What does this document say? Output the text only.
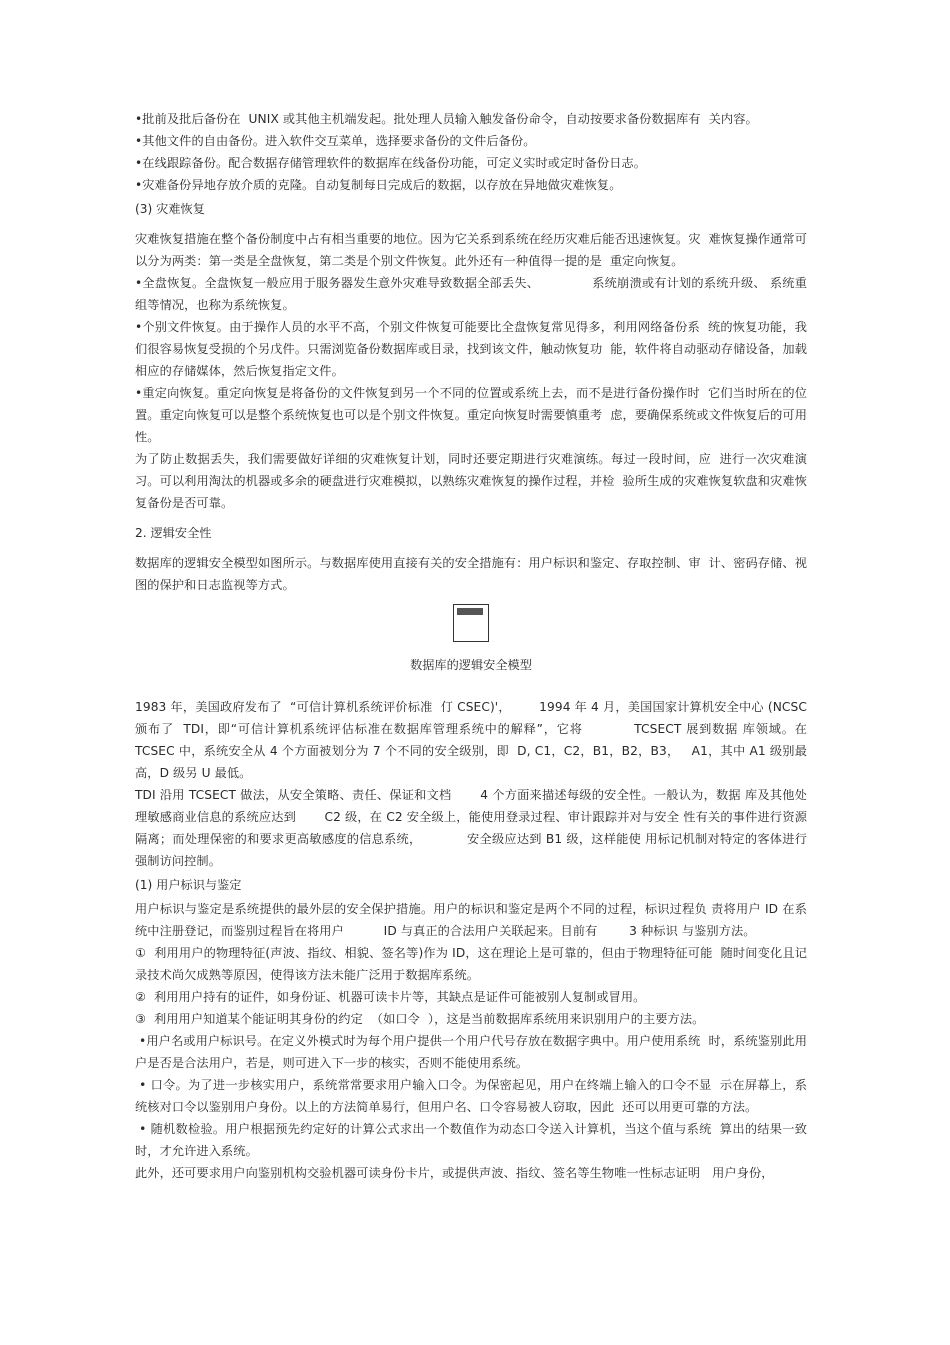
•批前及批后备份在  UNIX 或其他主机端发起。批处理人员输入触发备份命令，自动按要求备份数据库有  关内容。

•其他文件的自由备份。进入软件交互菜单，选择要求备份的文件后备份。

•在线跟踪备份。配合数据存储管理软件的数据库在线备份功能，可定义实时或定时备份日志。

•灾难备份异地存放介质的克隆。自动复制每日完成后的数据，以存放在异地做灾难恢复。

(3) 灾难恢复

灾难恢复措施在整个备份制度中占有相当重要的地位。因为它关系到系统在经历灾难后能否迅速恢复。灾  难恢复操作通常可以分为两类：第一类是全盘恢复，第二类是个别文件恢复。此外还有一种值得一提的是  重定向恢复。

•全盘恢复。全盘恢复一般应用于服务器发生意外灾难导致数据全部丢失、             系统崩溃或有计划的系统升级、 系统重组等情况，也称为系统恢复。

•个别文件恢复。由于操作人员的水平不高，个别文件恢复可能要比全盘恢复常见得多，利用网络备份系  统的恢复功能，我们很容易恢复受损的个另戊件。只需浏览备份数据库或目录，找到该文件，触动恢复功  能，软件将自动驱动存储设备，加载相应的存储媒体，然后恢复指定文件。

•重定向恢复。重定向恢复是将备份的文件恢复到另一个不同的位置或系统上去，而不是进行备份操作时  它们当时所在的位置。重定向恢复可以是整个系统恢复也可以是个别文件恢复。重定向恢复时需要慎重考  虑，要确保系统或文件恢复后的可用性。

为了防止数据丢失，我们需要做好详细的灾难恢复计划，同时还要定期进行灾难演练。每过一段时间，应  进行一次灾难演习。可以利用淘汰的机器或多余的硬盘进行灾难模拟，以熟练灾难恢复的操作过程，并检  验所生成的灾难恢复软盘和灾难恢复备份是否可靠。

2. 逻辑安全性

数据库的逻辑安全模型如图所示。与数据库使用直接有关的安全措施有：用户标识和鉴定、存取控制、审  计、密码存储、视图的保护和日志监视等方式。

数据库的逻辑安全模型

1983 年，美国政府发布了  “可信计算机系统评价标准  仃 CSEC)'，       1994 年 4 月，美国国家计算机安全中心 (NCSC 颁布了  TDI，即“可信计算机系统评估标准在数据库管理系统中的解释”，它将           TCSECT 展到数据 库领域。在 TCSEC 中，系统安全从 4 个方面被划分为 7 个不同的安全级别，即  D, C1，C2，B1，B2，B3，   A1，其中 A1 级别最高，D 级另 U 最低。

TDI 沿用 TCSECT 做法，从安全策略、责任、保证和文档       4 个方面来描述每级的安全性。一般认为，数据 库及其他处理敏感商业信息的系统应达到       C2 级，在 C2 安全级上，能使用登录过程、审计跟踪并对与安全 性有关的事件进行资源隔离；而处理保密的和要求更高敏感度的信息系统，           安全级应达到 B1 级，这样能使 用标记机制对特定的客体进行强制访问控制。

(1) 用户标识与鉴定

用户标识与鉴定是系统提供的最外层的安全保护措施。用户的标识和鉴定是两个不同的过程，标识过程负 责将用户 ID 在系统中注册登记，而鉴别过程旨在将用户          ID 与真正的合法用户关联起来。目前有        3 种标识 与鉴别方法。

①  利用用户的物理特征(声波、指纹、相貌、签名等)作为 ID，这在理论上是可靠的，但由于物理特征可能  随时间变化且记录技术尚欠成熟等原因，使得该方法未能广泛用于数据库系统。

②  利用用户持有的证件，如身份证、机器可读卡片等，其缺点是证件可能被别人复制或冒用。

③  利用用户知道某个能证明其身份的约定  （如口令  ），这是当前数据库系统用来识别用户的主要方法。

•用户名或用户标识号。在定义外模式时为每个用户提供一个用户代号存放在数据字典中。用户使用系统  时，系统鉴别此用户是否是合法用户，若是，则可进入下一步的核实，否则不能使用系统。

• 口令。为了进一步核实用户，系统常常要求用户输入口令。为保密起见，用户在终端上输入的口令不显  示在屏幕上，系统核对口令以鉴别用户身份。以上的方法简单易行，但用户名、口令容易被人窃取，因此  还可以用更可靠的方法。

• 随机数检验。用户根据预先约定好的计算公式求出一个数值作为动态口令送入计算机，当这个值与系统  算出的结果一致时，才允许进入系统。

此外，还可要求用户向鉴别机构交验机器可读身份卡片，或提供声波、指纹、签名等生物唯一性标志证明   用户身份，
